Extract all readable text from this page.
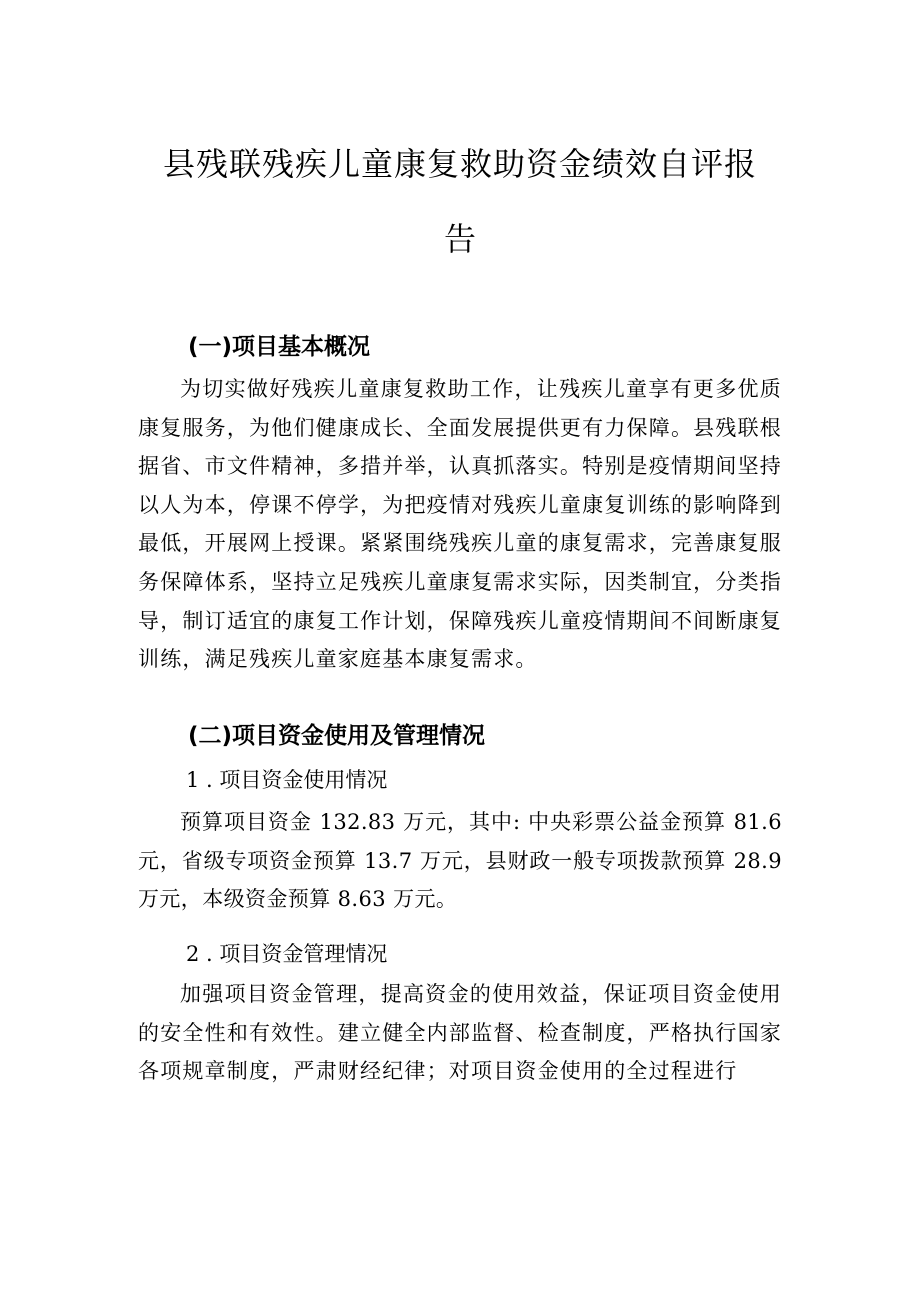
县残联残疾儿童康复救助资金绩效自评报
告
(一)项目基本概况

为切实做好残疾儿童康复救助工作，让残疾儿童享有更多优质康复服务，为他们健康成长、全面发展提供更有力保障。县残联根据省、市文件精神，多措并举，认真抓落实。特别是疫情期间坚持以人为本，停课不停学，为把疫情对残疾儿童康复训练的影响降到最低，开展网上授课。紧紧围绕残疾儿童的康复需求，完善康复服务保障体系，坚持立足残疾儿童康复需求实际，因类制宜，分类指导，制订适宜的康复工作计划，保障残疾儿童疫情期间不间断康复训练，满足残疾儿童家庭基本康复需求。

(二)项目资金使用及管理情况
1 . 项目资金使用情况

预算项目资金 132.83 万元，其中: 中央彩票公益金预算 81.6 元，省级专项资金预算 13.7 万元，县财政一般专项拨款预算 28.9 万元，本级资金预算 8.63 万元。

2 . 项目资金管理情况

加强项目资金管理，提高资金的使用效益，保证项目资金使用的安全性和有效性。建立健全内部监督、检查制度，严格执行国家各项规章制度，严肃财经纪律；对项目资金使用的全过程进行
